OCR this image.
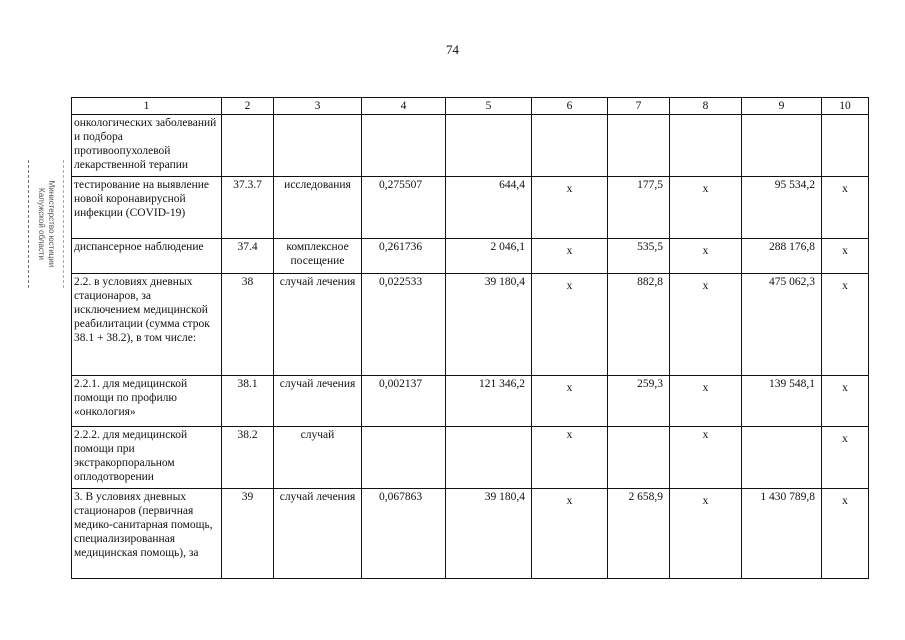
74
Министерство юстиции
Калужской области
1	2	3	4	5	6	7	8	9	10
онкологических заболеваний и подбора противоопухолевой лекарственной терапии									
тестирование на выявление новой коронавирусной инфекции (COVID-19)	37.3.7	исследования	0,275507	644,4	х	177,5	х	95 534,2	х
диспансерное наблюдение	37.4	комплексное посещение	0,261736	2 046,1	х	535,5	х	288 176,8	х
2.2. в условиях дневных стационаров, за исключением медицинской реабилитации (сумма строк 38.1 + 38.2), в том числе:	38	случай лечения	0,022533	39 180,4	х	882,8	х	475 062,3	х
2.2.1. для медицинской помощи по профилю «онкология»	38.1	случай лечения	0,002137	121 346,2	х	259,3	х	139 548,1	х
2.2.2. для медицинской помощи при экстракорпоральном оплодотворении	38.2	случай			х		х		х
3. В условиях дневных стационаров (первичная медико-санитарная помощь, специализированная медицинская помощь), за	39	случай лечения	0,067863	39 180,4	х	2 658,9	х	1 430 789,8	х
